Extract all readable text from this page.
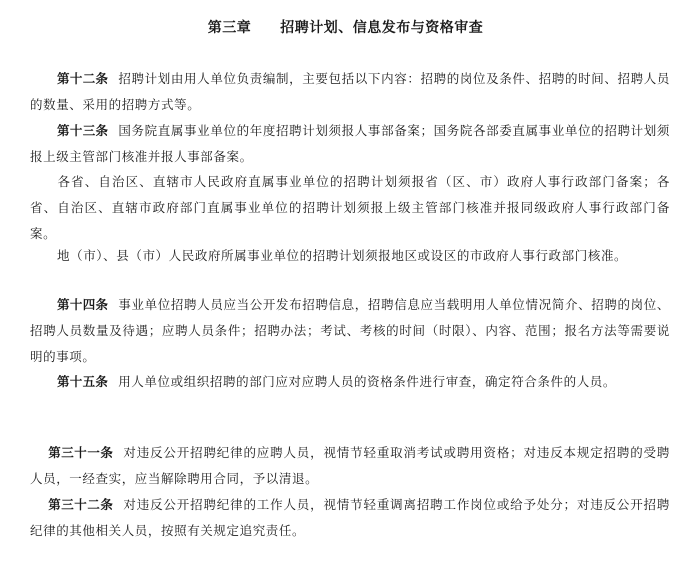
第三章　　招聘计划、信息发布与资格审查
第十二条 招聘计划由用人单位负责编制，主要包括以下内容：招聘的岗位及条件、招聘的时间、招聘人员的数量、采用的招聘方式等。
第十三条 国务院直属事业单位的年度招聘计划须报人事部备案；国务院各部委直属事业单位的招聘计划须报上级主管部门核准并报人事部备案。
各省、自治区、直辖市人民政府直属事业单位的招聘计划须报省（区、市）政府人事行政部门备案；各省、自治区、直辖市政府部门直属事业单位的招聘计划须报上级主管部门核准并报同级政府人事行政部门备案。
地（市）、县（市）人民政府所属事业单位的招聘计划须报地区或设区的市政府人事行政部门核准。
第十四条 事业单位招聘人员应当公开发布招聘信息，招聘信息应当载明用人单位情况简介、招聘的岗位、招聘人员数量及待遇；应聘人员条件；招聘办法；考试、考核的时间（时限）、内容、范围；报名方法等需要说明的事项。
第十五条 用人单位或组织招聘的部门应对应聘人员的资格条件进行审查，确定符合条件的人员。
第三十一条 对违反公开招聘纪律的应聘人员，视情节轻重取消考试或聘用资格；对违反本规定招聘的受聘人员，一经查实，应当解除聘用合同，予以清退。
第三十二条 对违反公开招聘纪律的工作人员，视情节轻重调离招聘工作岗位或给予处分；对违反公开招聘纪律的其他相关人员，按照有关规定追究责任。
